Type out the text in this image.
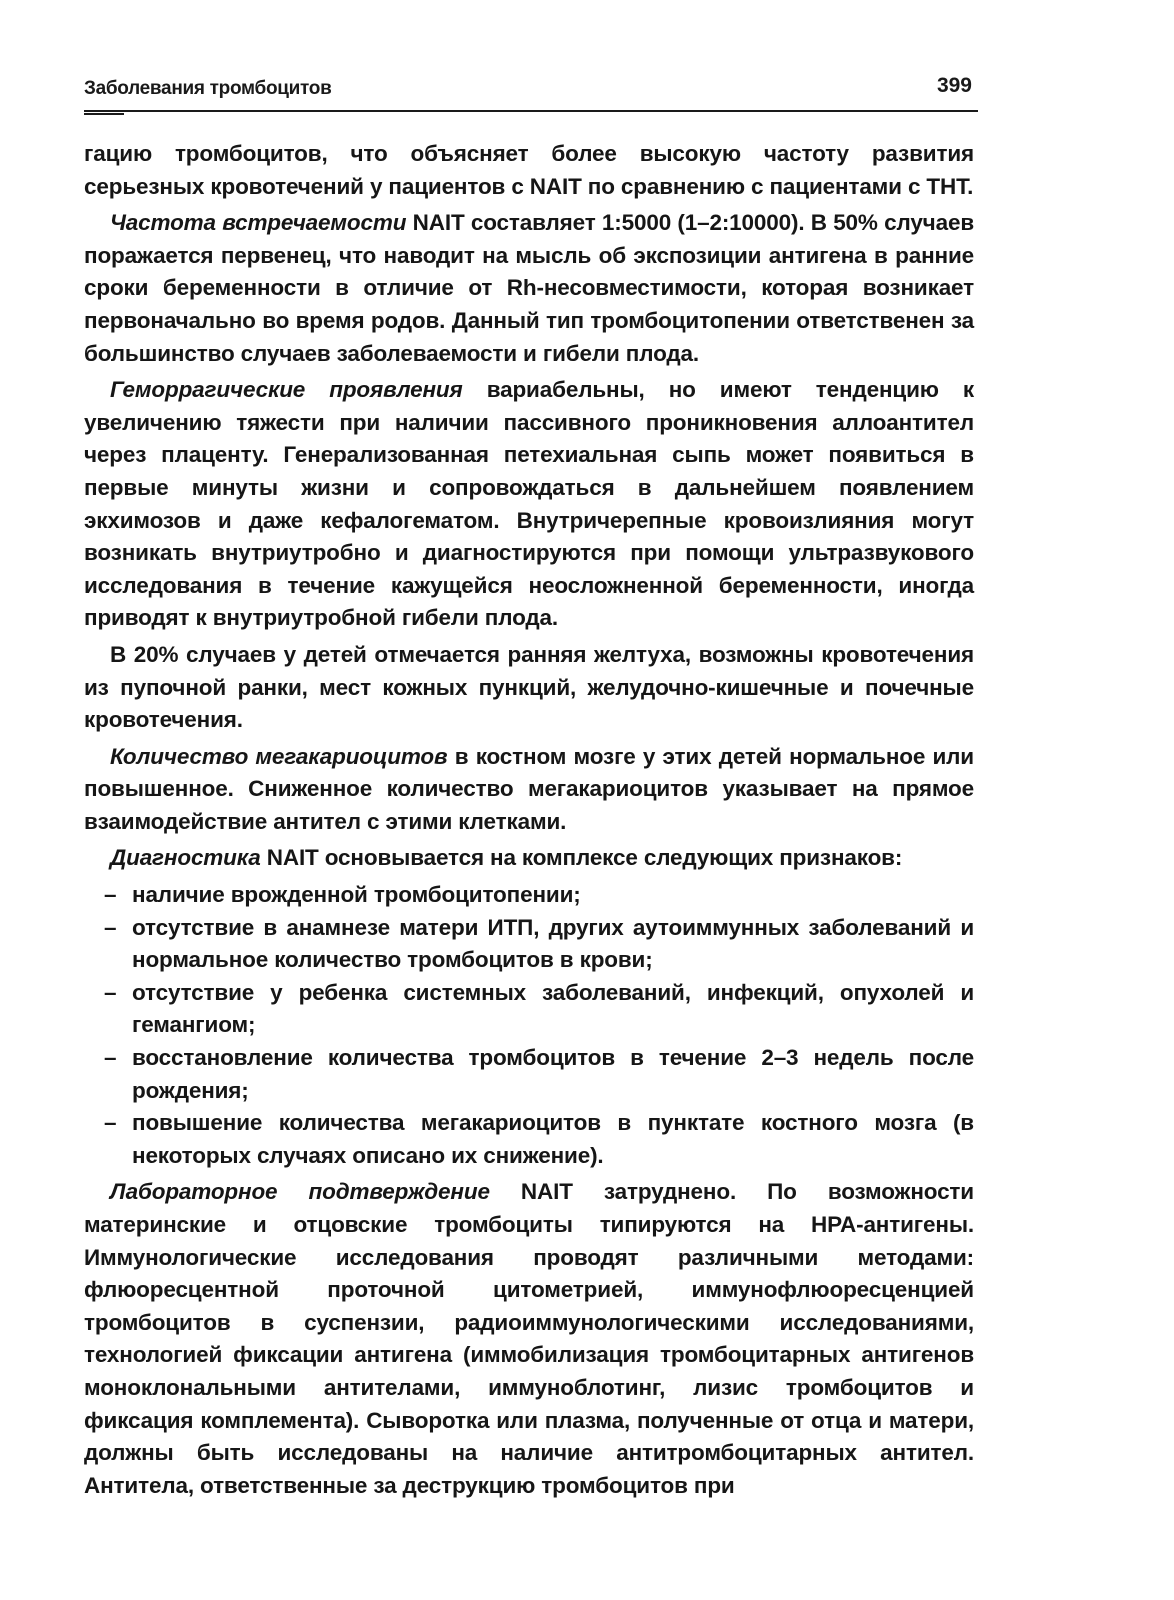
Заболевания тромбоцитов	399

гацию тромбоцитов, что объясняет более высокую частоту развития серьезных кровотечений у пациентов с NAIT по сравнению с пациентами с ТНТ.

Частота встречаемости NAIT составляет 1:5000 (1–2:10000). В 50% случаев поражается первенец, что наводит на мысль об экспозиции антигена в ранние сроки беременности в отличие от Rh-несовместимости, которая возникает первоначально во время родов. Данный тип тромбоцитопении ответственен за большинство случаев заболеваемости и гибели плода.

Геморрагические проявления вариабельны, но имеют тенденцию к увеличению тяжести при наличии пассивного проникновения аллоантител через плаценту. Генерализованная петехиальная сыпь может появиться в первые минуты жизни и сопровождаться в дальнейшем появлением экхимозов и даже кефалогематом. Внутричерепные кровоизлияния могут возникать внутриутробно и диагностируются при помощи ультразвукового исследования в течение кажущейся неосложненной беременности, иногда приводят к внутриутробной гибели плода.

В 20% случаев у детей отмечается ранняя желтуха, возможны кровотечения из пупочной ранки, мест кожных пункций, желудочно-кишечные и почечные кровотечения.

Количество мегакариоцитов в костном мозге у этих детей нормальное или повышенное. Сниженное количество мегакариоцитов указывает на прямое взаимодействие антител с этими клетками.

Диагностика NAIT основывается на комплексе следующих признаков:

– наличие врожденной тромбоцитопении;
– отсутствие в анамнезе матери ИТП, других аутоиммунных заболеваний и нормальное количество тромбоцитов в крови;
– отсутствие у ребенка системных заболеваний, инфекций, опухолей и гемангиом;
– восстановление количества тромбоцитов в течение 2–3 недель после рождения;
– повышение количества мегакариоцитов в пунктате костного мозга (в некоторых случаях описано их снижение).

Лабораторное подтверждение NAIT затруднено. По возможности материнские и отцовские тромбоциты типируются на НРА-антигены. Иммунологические исследования проводят различными методами: флюоресцентной проточной цитометрией, иммунофлюоресценцией тромбоцитов в суспензии, радиоиммунологическими исследованиями, технологией фиксации антигена (иммобилизация тромбоцитарных антигенов моноклональными антителами, иммуноблотинг, лизис тромбоцитов и фиксация комплемента). Сыворотка или плазма, полученные от отца и матери, должны быть исследованы на наличие антитромбоцитарных антител. Антитела, ответственные за деструкцию тромбоцитов при
